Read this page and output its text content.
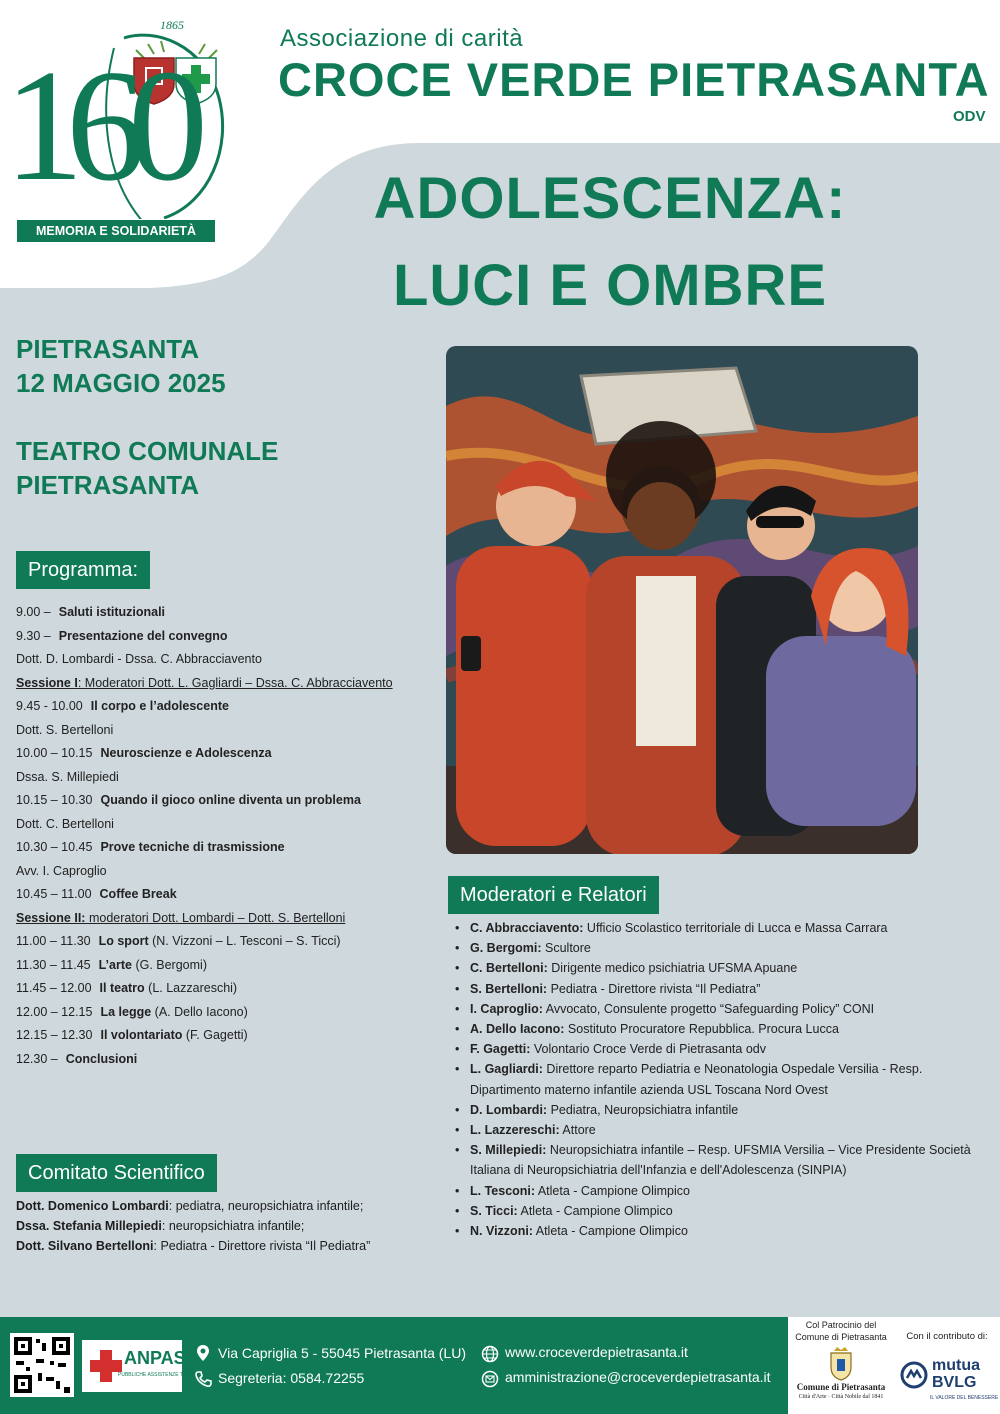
1865
160
MEMORIA E SOLIDARIETÀ
Associazione di carità
CROCE VERDE PIETRASANTA
ODV
ADOLESCENZA:
LUCI E OMBRE
PIETRASANTA
12 MAGGIO 2025
TEATRO COMUNALE
PIETRASANTA
Programma:
9.00 – Saluti istituzionali
9.30 – Presentazione del convegno
Dott. D. Lombardi - Dssa. C. Abbracciavento
Sessione I: Moderatori Dott. L. Gagliardi – Dssa. C. Abbracciavento
9.45 - 10.00 Il corpo e l’adolescente
Dott. S. Bertelloni
10.00 – 10.15 Neuroscienze e Adolescenza
Dssa. S. Millepiedi
10.15 – 10.30 Quando il gioco online diventa un problema
Dott. C. Bertelloni
10.30 – 10.45 Prove tecniche di trasmissione
Avv. I. Caproglio
10.45 – 11.00 Coffee Break
Sessione II: moderatori Dott. Lombardi – Dott. S. Bertelloni
11.00 – 11.30 Lo sport (N. Vizzoni – L. Tesconi – S. Ticci)
11.30 – 11.45 L’arte (G. Bergomi)
11.45 – 12.00 Il teatro (L. Lazzareschi)
12.00 – 12.15 La legge (A. Dello Iacono)
12.15 – 12.30 Il volontariato (F. Gagetti)
12.30 – Conclusioni
Comitato Scientifico
Dott. Domenico Lombardi: pediatra, neuropsichiatra infantile;
Dssa. Stefania Millepiedi: neuropsichiatra infantile;
Dott. Silvano Bertelloni: Pediatra - Direttore rivista “Il Pediatra”
Moderatori e Relatori
• C. Abbracciavento: Ufficio Scolastico territoriale di Lucca e Massa Carrara
• G. Bergomi: Scultore
• C. Bertelloni: Dirigente medico psichiatria UFSMA Apuane
• S. Bertelloni: Pediatra - Direttore rivista “Il Pediatra”
• I. Caproglio: Avvocato, Consulente progetto “Safeguarding Policy” CONI
• A. Dello Iacono: Sostituto Procuratore Repubblica. Procura Lucca
• F. Gagetti: Volontario Croce Verde di Pietrasanta odv
• L. Gagliardi: Direttore reparto Pediatria e Neonatologia Ospedale Versilia - Resp. Dipartimento materno infantile azienda USL Toscana Nord Ovest
• D. Lombardi: Pediatra, Neuropsichiatra infantile
• L. Lazzereschi: Attore
• S. Millepiedi: Neuropsichiatra infantile – Resp. UFSMIA Versilia – Vice Presidente Società Italiana di Neuropsichiatria dell'Infanzia e dell'Adolescenza (SINPIA)
• L. Tesconi: Atleta - Campione Olimpico
• S. Ticci: Atleta - Campione Olimpico
• N. Vizzoni: Atleta - Campione Olimpico
ANPAS
PUBBLICHE ASSISTENZE TOSCANE
Via Capriglia 5 - 55045 Pietrasanta (LU)
Segreteria: 0584.72255
www.croceverdepietrasanta.it
amministrazione@croceverdepietrasanta.it
Col Patrocinio del
Comune di Pietrasanta
Comune di Pietrasanta
Città d'Arte · Città Nobile dal 1841
Con il contributo di:
mutua
BVLG
IL VALORE DEL BENESSERE
